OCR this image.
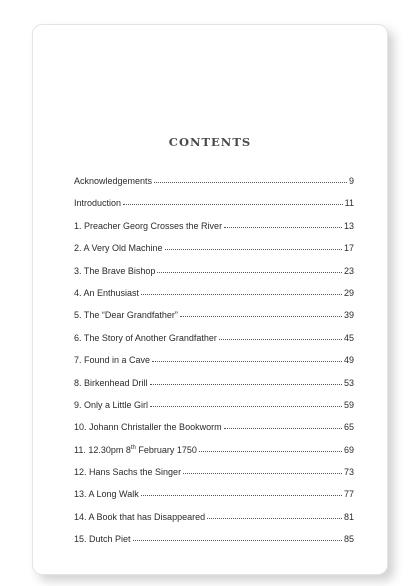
CONTENTS
Acknowledgements	9
Introduction	11
1. Preacher Georg Crosses the River	13
2. A Very Old Machine	17
3. The Brave Bishop	23
4. An Enthusiast	29
5. The “Dear Grandfather”	39
6. The Story of Another Grandfather	45
7. Found in a Cave	49
8. Birkenhead Drill	53
9. Only a Little Girl	59
10. Johann Christaller the Bookworm	65
11. 12.30pm 8th February 1750	69
12. Hans Sachs the Singer	73
13. A Long Walk	77
14. A Book that has Disappeared	81
15. Dutch Piet	85
